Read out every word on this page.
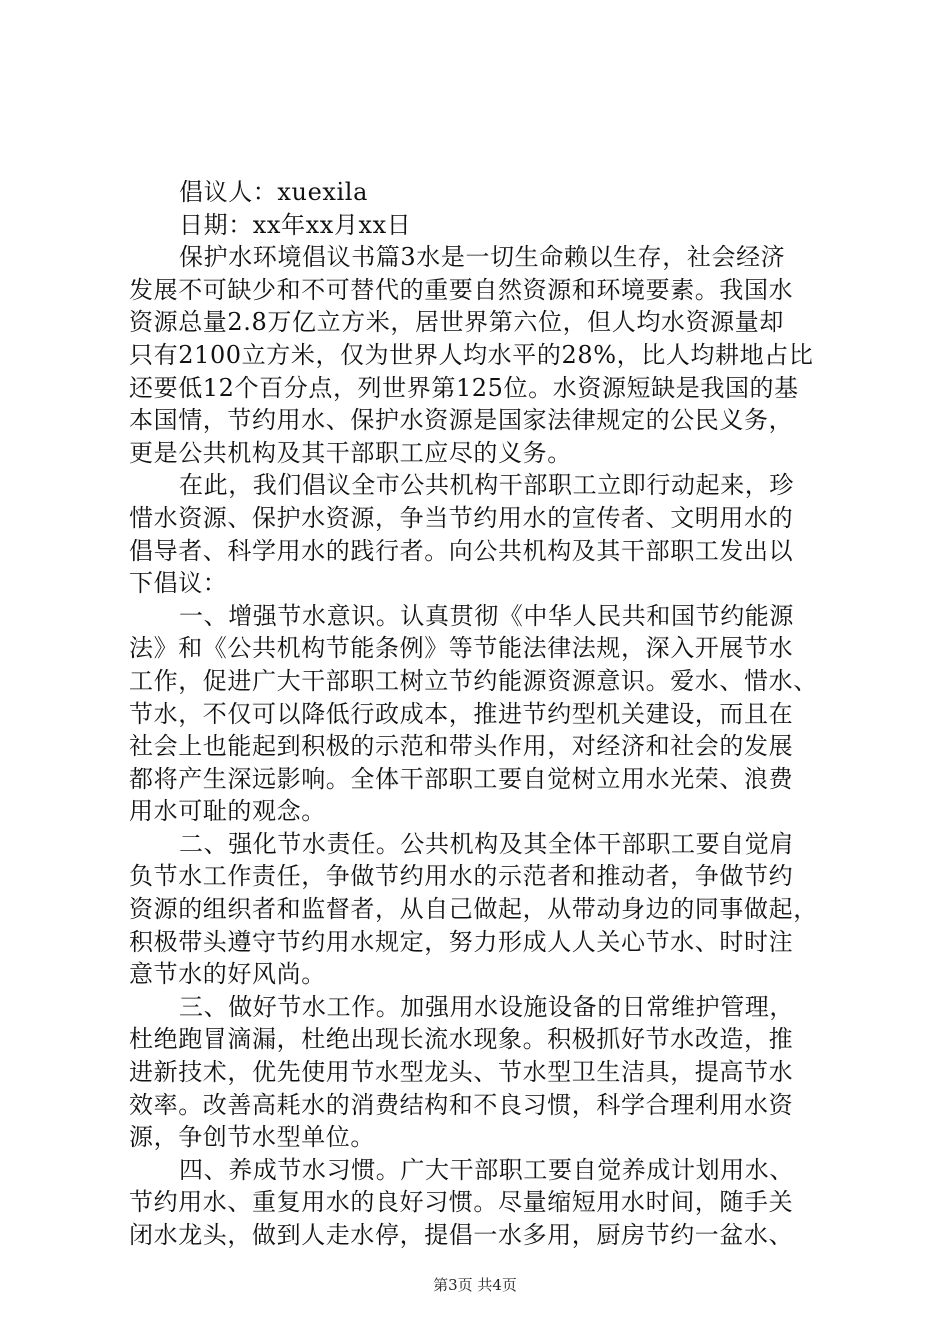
倡议人：xuexila
日期：xx年xx月xx日
保护水环境倡议书篇3水是一切生命赖以生存，社会经济
发展不可缺少和不可替代的重要自然资源和环境要素。我国水
资源总量2.8万亿立方米，居世界第六位，但人均水资源量却
只有2100立方米，仅为世界人均水平的28%，比人均耕地占比
还要低12个百分点，列世界第125位。水资源短缺是我国的基
本国情，节约用水、保护水资源是国家法律规定的公民义务，
更是公共机构及其干部职工应尽的义务。
在此，我们倡议全市公共机构干部职工立即行动起来，珍
惜水资源、保护水资源，争当节约用水的宣传者、文明用水的
倡导者、科学用水的践行者。向公共机构及其干部职工发出以
下倡议：
一、增强节水意识。认真贯彻《中华人民共和国节约能源
法》和《公共机构节能条例》等节能法律法规，深入开展节水
工作，促进广大干部职工树立节约能源资源意识。爱水、惜水、
节水，不仅可以降低行政成本，推进节约型机关建设，而且在
社会上也能起到积极的示范和带头作用，对经济和社会的发展
都将产生深远影响。全体干部职工要自觉树立用水光荣、浪费
用水可耻的观念。
二、强化节水责任。公共机构及其全体干部职工要自觉肩
负节水工作责任，争做节约用水的示范者和推动者，争做节约
资源的组织者和监督者，从自己做起，从带动身边的同事做起，
积极带头遵守节约用水规定，努力形成人人关心节水、时时注
意节水的好风尚。
三、做好节水工作。加强用水设施设备的日常维护管理，
杜绝跑冒滴漏，杜绝出现长流水现象。积极抓好节水改造，推
进新技术，优先使用节水型龙头、节水型卫生洁具，提高节水
效率。改善高耗水的消费结构和不良习惯，科学合理利用水资
源，争创节水型单位。
四、养成节水习惯。广大干部职工要自觉养成计划用水、
节约用水、重复用水的良好习惯。尽量缩短用水时间，随手关
闭水龙头，做到人走水停，提倡一水多用，厨房节约一盆水、
第3页 共4页
